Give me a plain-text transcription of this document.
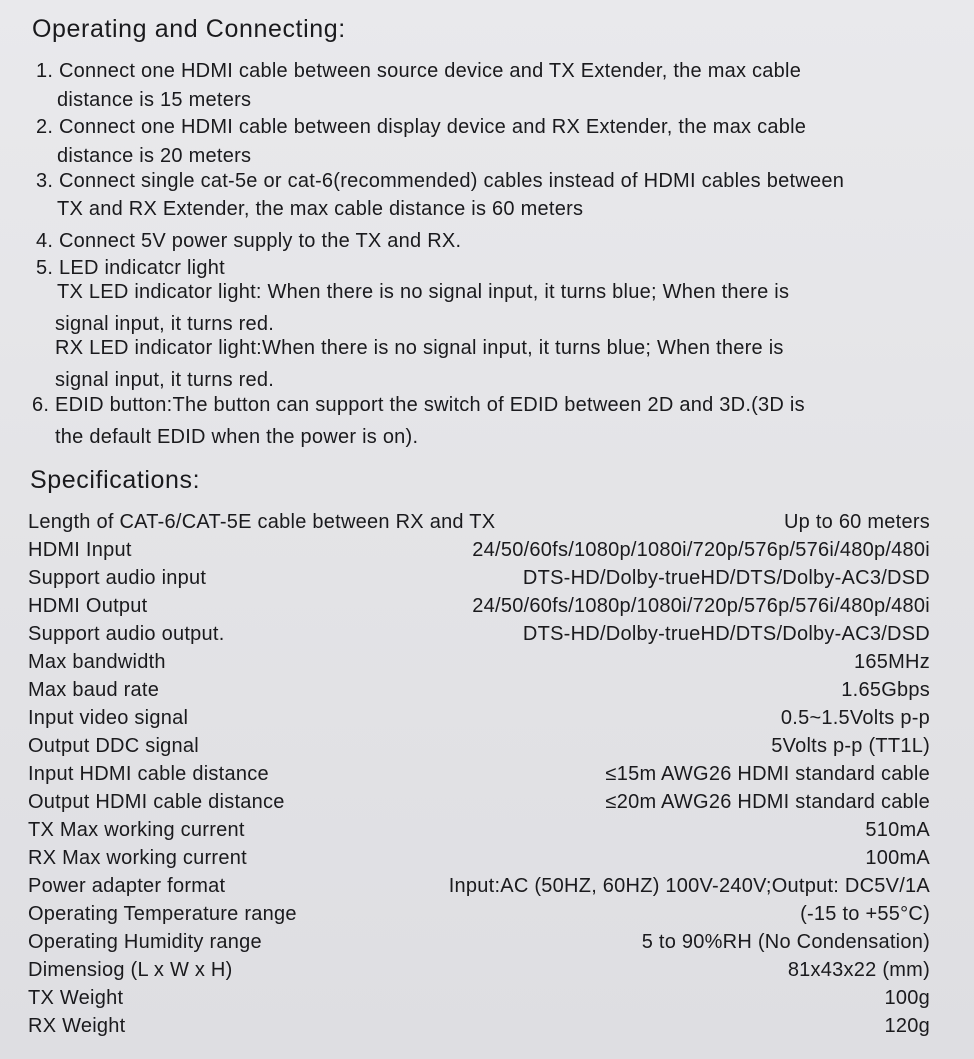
Operating and Connecting:
1. Connect one HDMI cable between source device and TX Extender, the max cable
distance is 15 meters
2. Connect one HDMI cable between display device and RX Extender, the max cable
distance is 20 meters
3. Connect single cat-5e or cat-6(recommended) cables instead of HDMI cables between
TX and RX Extender, the max cable distance is 60 meters
4. Connect 5V power supply to the TX and RX.
5. LED indicatcr light
TX LED indicator light: When there is no signal input, it turns blue; When there is
signal input, it turns red.
RX LED indicator light:When there is no signal input, it turns blue; When there is
signal input, it turns red.
6. EDID button:The button can support the switch of EDID between 2D and 3D.(3D is
the default EDID when the power is on).
Specifications:
Length of CAT-6/CAT-5E cable between RX and TX	Up to 60 meters
HDMI Input	24/50/60fs/1080p/1080i/720p/576p/576i/480p/480i
Support audio input	DTS-HD/Dolby-trueHD/DTS/Dolby-AC3/DSD
HDMI Output	24/50/60fs/1080p/1080i/720p/576p/576i/480p/480i
Support audio output.	DTS-HD/Dolby-trueHD/DTS/Dolby-AC3/DSD
Max bandwidth	165MHz
Max baud rate	1.65Gbps
Input video signal	0.5~1.5Volts p-p
Output DDC signal	5Volts p-p (TT1L)
Input HDMI cable distance	≤15m AWG26 HDMI standard cable
Output HDMI cable distance	≤20m AWG26 HDMI standard cable
TX Max working current	510mA
RX Max working current	100mA
Power adapter format	Input:AC (50HZ, 60HZ) 100V-240V;Output: DC5V/1A
Operating Temperature range	(-15 to +55°C)
Operating Humidity range	5 to 90%RH (No Condensation)
Dimensiog (L x W x H)	81x43x22 (mm)
TX Weight	100g
RX Weight	120g
